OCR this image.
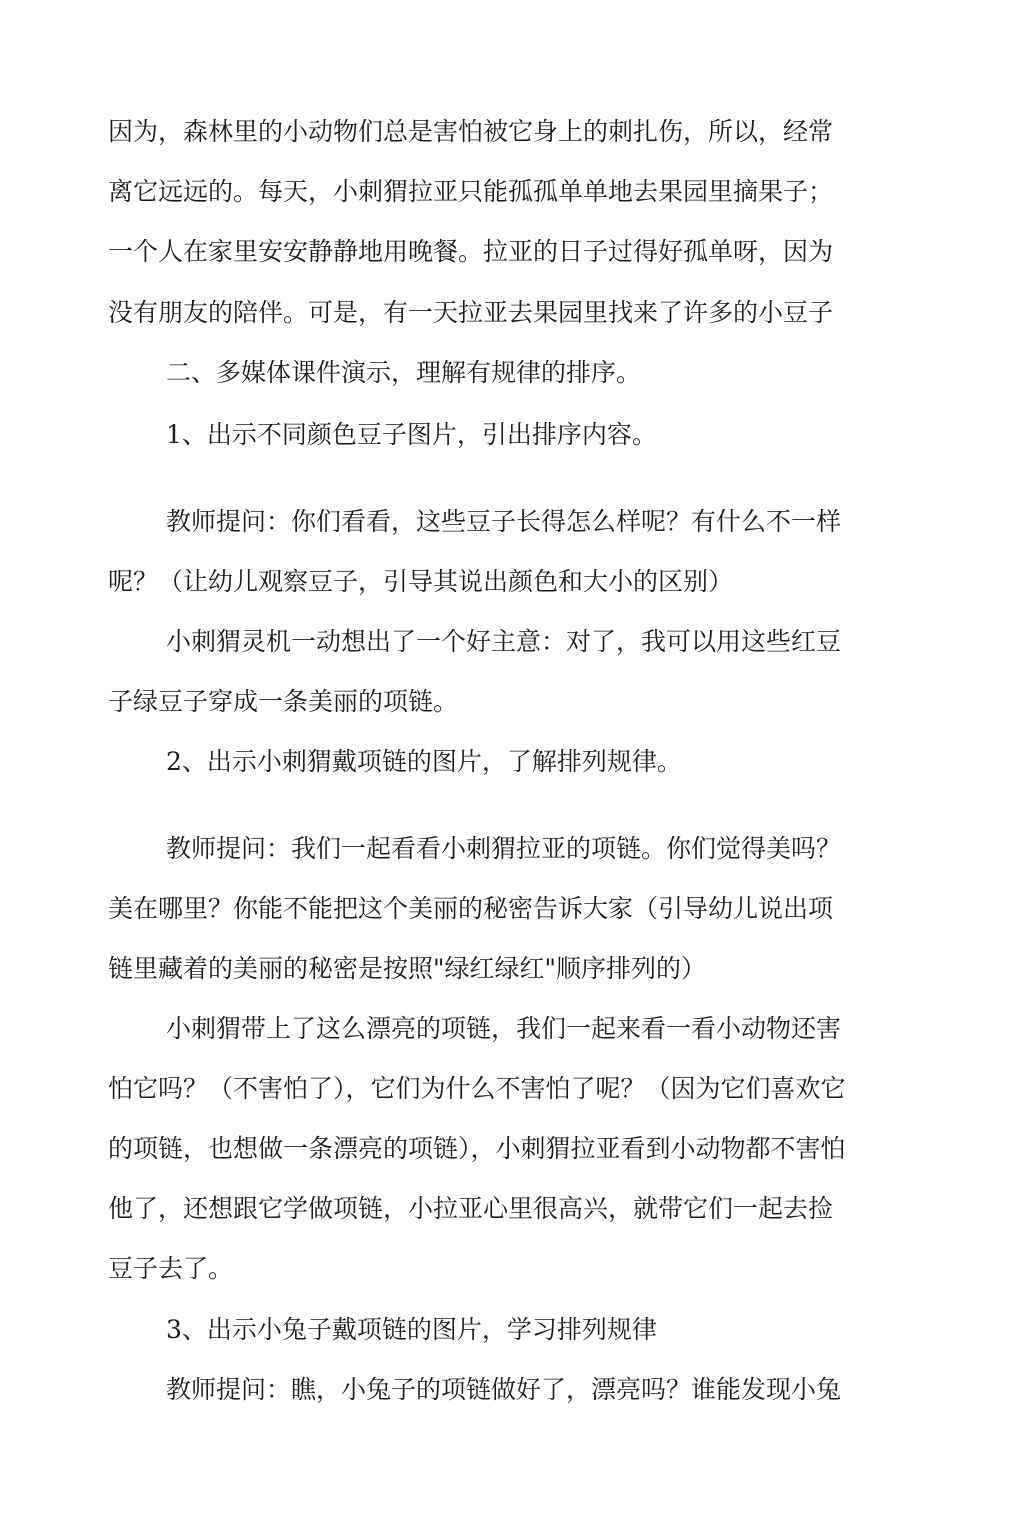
因为，森林里的小动物们总是害怕被它身上的刺扎伤，所以，经常
离它远远的。每天，小刺猬拉亚只能孤孤单单地去果园里摘果子；
一个人在家里安安静静地用晚餐。拉亚的日子过得好孤单呀，因为
没有朋友的陪伴。可是，有一天拉亚去果园里找来了许多的小豆子
二、多媒体课件演示，理解有规律的排序。
1、出示不同颜色豆子图片，引出排序内容。
教师提问：你们看看，这些豆子长得怎么样呢？有什么不一样
呢？（让幼儿观察豆子，引导其说出颜色和大小的区别）
小刺猬灵机一动想出了一个好主意：对了，我可以用这些红豆
子绿豆子穿成一条美丽的项链。
2、出示小刺猬戴项链的图片，了解排列规律。
教师提问：我们一起看看小刺猬拉亚的项链。你们觉得美吗？
美在哪里？你能不能把这个美丽的秘密告诉大家（引导幼儿说出项
链里藏着的美丽的秘密是按照"绿红绿红"顺序排列的）
小刺猬带上了这么漂亮的项链，我们一起来看一看小动物还害
怕它吗？（不害怕了），它们为什么不害怕了呢？（因为它们喜欢它
的项链，也想做一条漂亮的项链），小刺猬拉亚看到小动物都不害怕
他了，还想跟它学做项链，小拉亚心里很高兴，就带它们一起去捡
豆子去了。
3、出示小兔子戴项链的图片，学习排列规律
教师提问：瞧，小兔子的项链做好了，漂亮吗？谁能发现小兔
